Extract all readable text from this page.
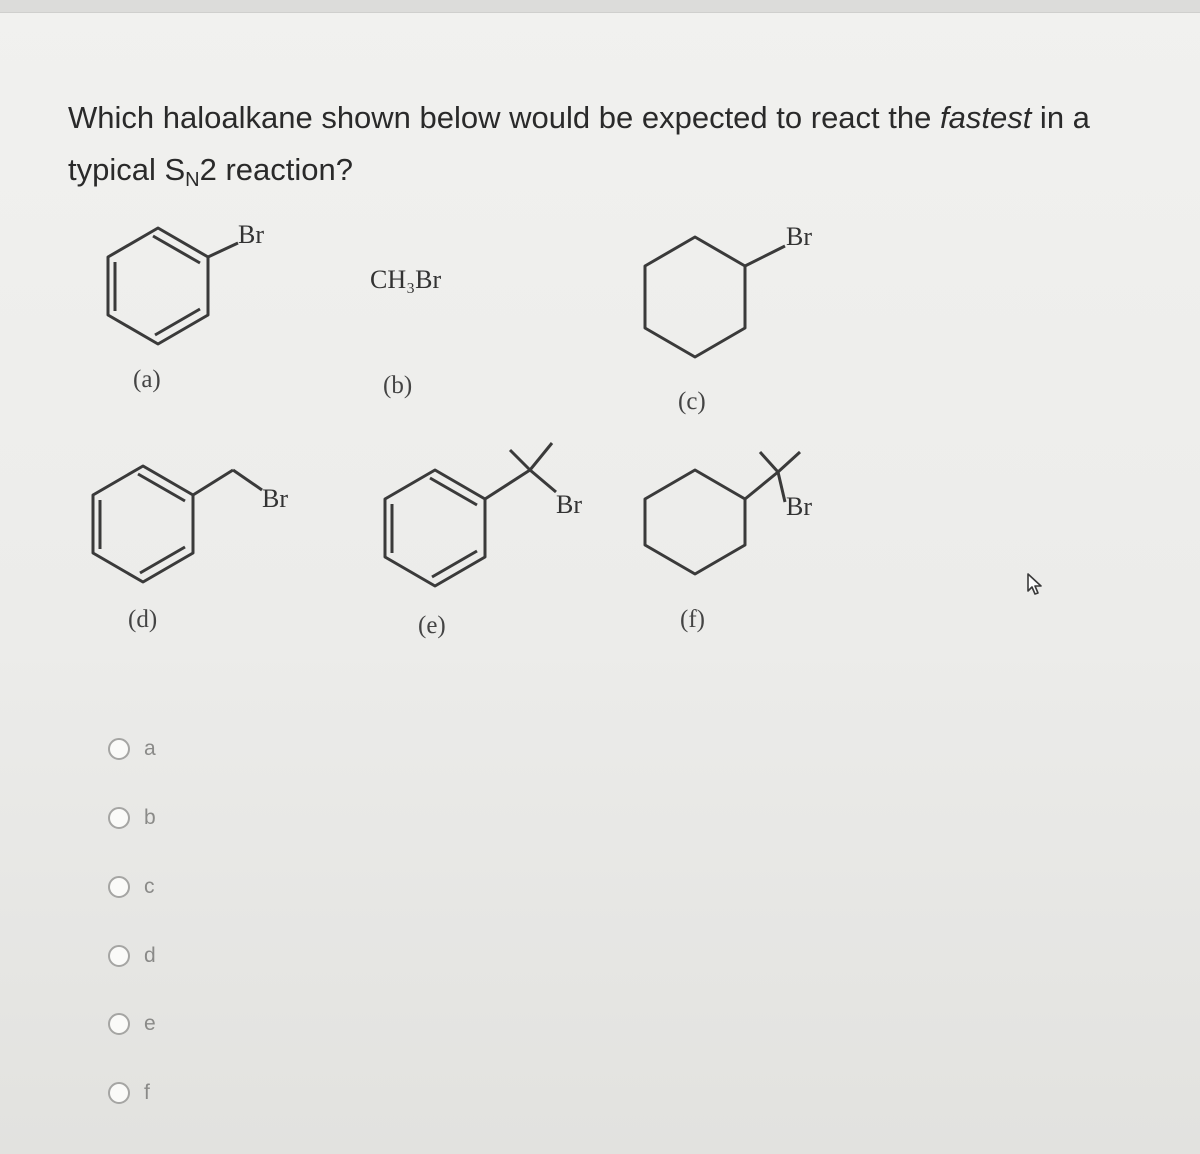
Which haloalkane shown below would be expected to react the fastest in a
typical $S_N2$ reaction?
Br
CH₃Br
Br
Br	Br	Br
(a)	(b)
(c)
(d)	(e)	(f)
a
b
c
d
e
f
